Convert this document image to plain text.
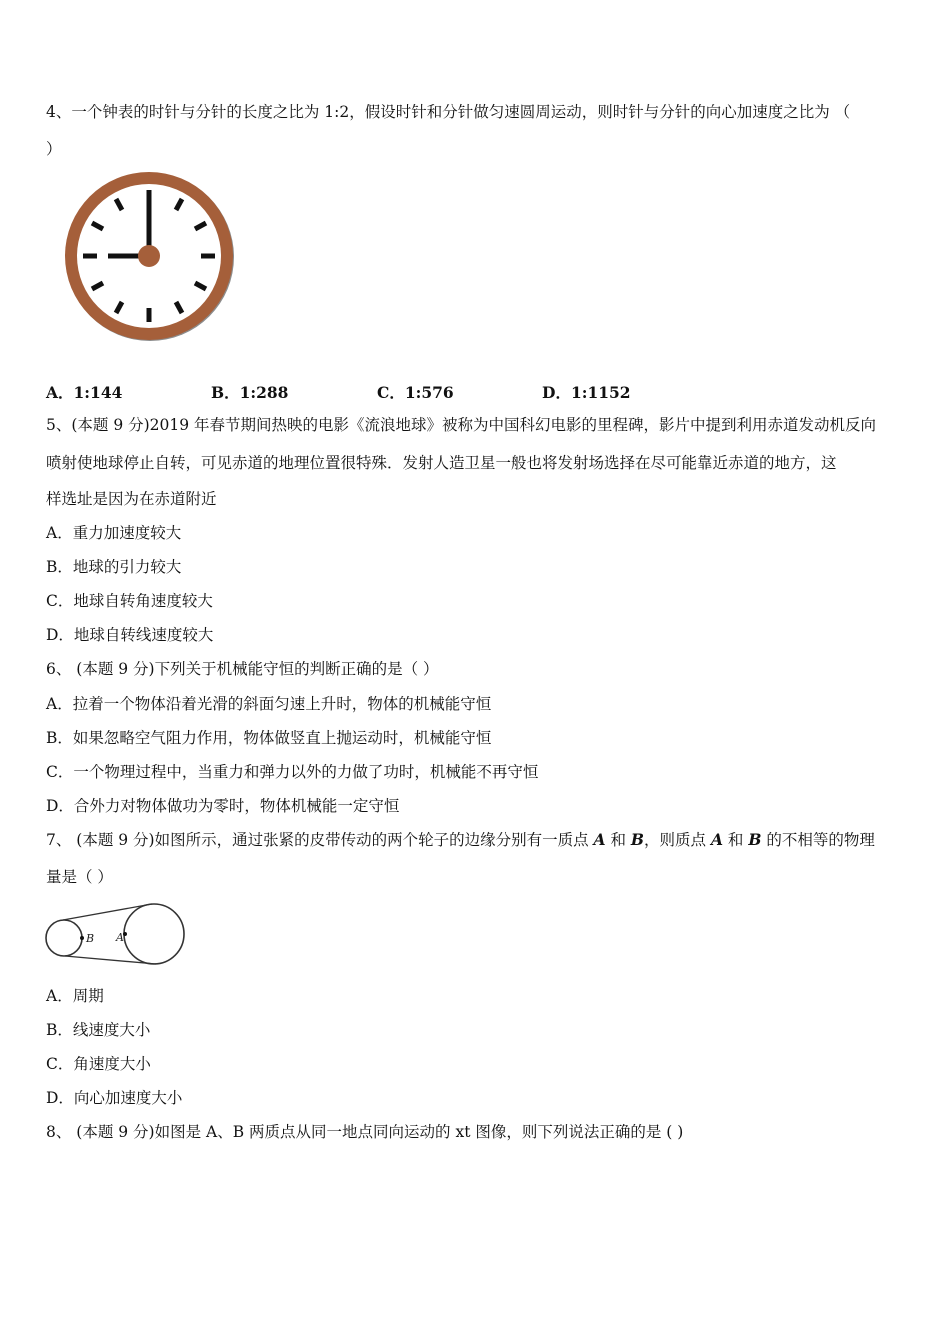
4、一个钟表的时针与分针的长度之比为 1:2，假设时针和分针做匀速圆周运动，则时针与分针的向心加速度之比为 （
）
A．1:144	B．1:288	C．1:576	D．1:1152
5、(本题 9 分)2019 年春节期间热映的电影《流浪地球》被称为中国科幻电影的里程碑，影片中提到利用赤道发动机反向
喷射使地球停止自转，可见赤道的地理位置很特殊．发射人造卫星一般也将发射场选择在尽可能靠近赤道的地方，这
样选址是因为在赤道附近
A．重力加速度较大
B．地球的引力较大
C．地球自转角速度较大
D．地球自转线速度较大
6、 (本题 9 分)下列关于机械能守恒的判断正确的是（ ）
A．拉着一个物体沿着光滑的斜面匀速上升时，物体的机械能守恒
B．如果忽略空气阻力作用，物体做竖直上抛运动时，机械能守恒
C．一个物理过程中，当重力和弹力以外的力做了功时，机械能不再守恒
D．合外力对物体做功为零时，物体机械能一定守恒
7、 (本题 9 分)如图所示，通过张紧的皮带传动的两个轮子的边缘分别有一质点 A 和 B，则质点 A 和 B 的不相等的物理
量是（ ）
B A
A．周期
B．线速度大小
C．角速度大小
D．向心加速度大小
8、 (本题 9 分)如图是 A、B 两质点从同一地点同向运动的 xt 图像，则下列说法正确的是 ( )
